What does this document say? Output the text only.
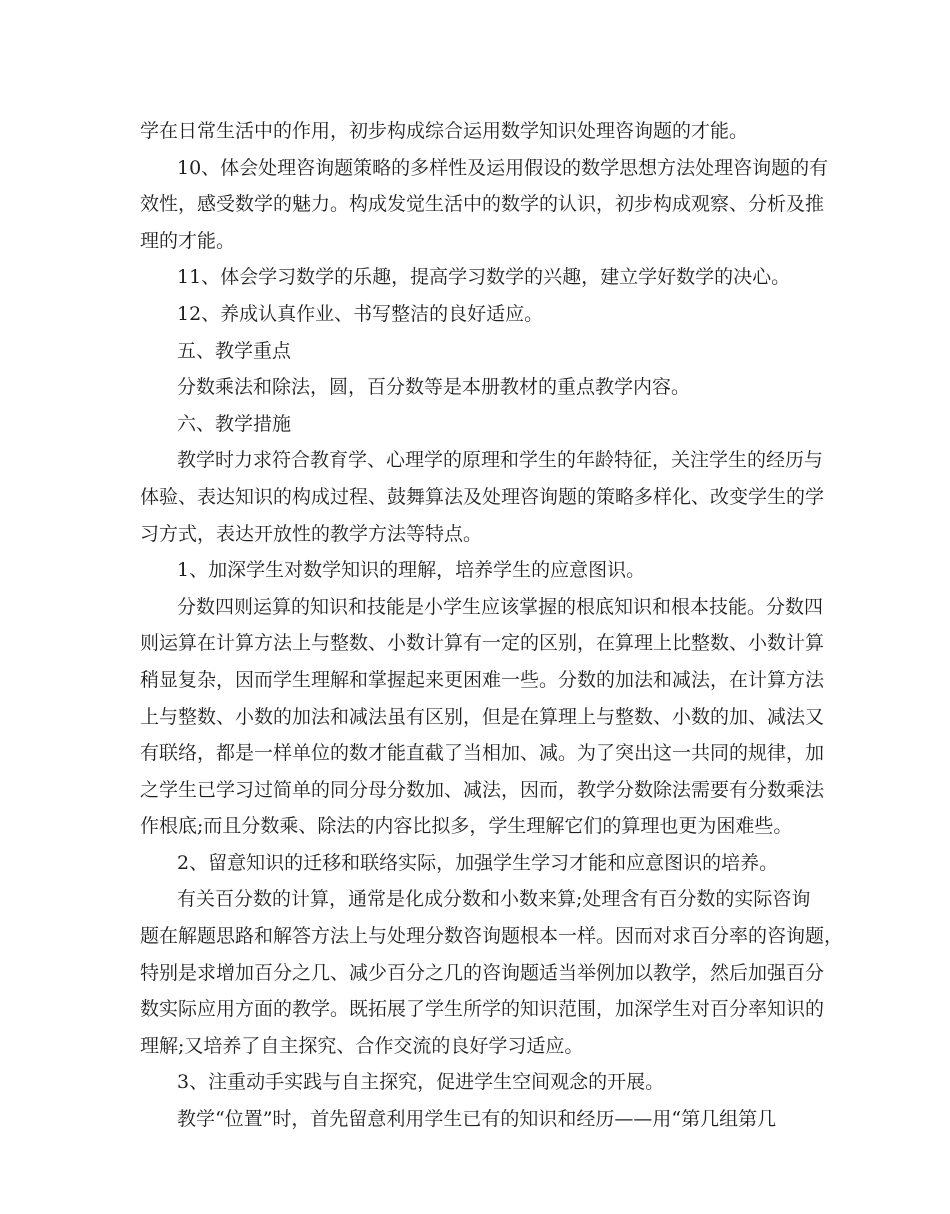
学在日常生活中的作用，初步构成综合运用数学知识处理咨询题的才能。
10、体会处理咨询题策略的多样性及运用假设的数学思想方法处理咨询题的有
效性，感受数学的魅力。构成发觉生活中的数学的认识，初步构成观察、分析及推
理的才能。
11、体会学习数学的乐趣，提高学习数学的兴趣，建立学好数学的决心。
12、养成认真作业、书写整洁的良好适应。
五、教学重点
分数乘法和除法，圆，百分数等是本册教材的重点教学内容。
六、教学措施
教学时力求符合教育学、心理学的原理和学生的年龄特征，关注学生的经历与
体验、表达知识的构成过程、鼓舞算法及处理咨询题的策略多样化、改变学生的学
习方式，表达开放性的教学方法等特点。
1、加深学生对数学知识的理解，培养学生的应意图识。
分数四则运算的知识和技能是小学生应该掌握的根底知识和根本技能。分数四
则运算在计算方法上与整数、小数计算有一定的区别，在算理上比整数、小数计算
稍显复杂，因而学生理解和掌握起来更困难一些。分数的加法和减法，在计算方法
上与整数、小数的加法和减法虽有区别，但是在算理上与整数、小数的加、减法又
有联络，都是一样单位的数才能直截了当相加、减。为了突出这一共同的规律，加
之学生已学习过简单的同分母分数加、减法，因而，教学分数除法需要有分数乘法
作根底;而且分数乘、除法的内容比拟多，学生理解它们的算理也更为困难些。
2、留意知识的迁移和联络实际，加强学生学习才能和应意图识的培养。
有关百分数的计算，通常是化成分数和小数来算;处理含有百分数的实际咨询
题在解题思路和解答方法上与处理分数咨询题根本一样。因而对求百分率的咨询题，
特别是求增加百分之几、减少百分之几的咨询题适当举例加以教学，然后加强百分
数实际应用方面的教学。既拓展了学生所学的知识范围，加深学生对百分率知识的
理解;又培养了自主探究、合作交流的良好学习适应。
3、注重动手实践与自主探究，促进学生空间观念的开展。
教学“位置”时，首先留意利用学生已有的知识和经历——用“第几组第几
